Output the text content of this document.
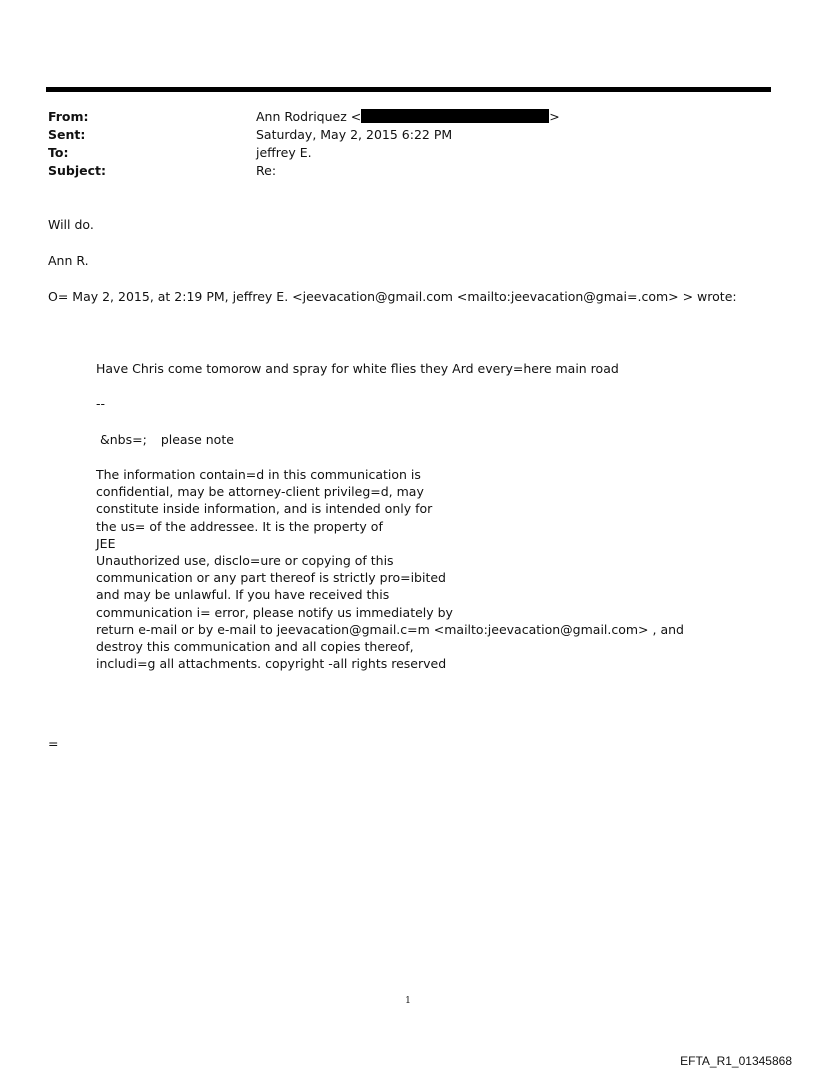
From:	Ann Rodriquez <	>
Sent:	Saturday, May 2, 2015 6:22 PM
To:	jeffrey E.
Subject:	Re:
Will do.
Ann R.
O= May 2, 2015, at 2:19 PM, jeffrey E. <jeevacation@gmail.com <mailto:jeevacation@gmai=.com> > wrote:
Have Chris come tomorow and spray for white flies they Ard every=here main road
--
&nbs=; please note
The information contain=d in this communication is
confidential, may be attorney-client privileg=d, may
constitute inside information, and is intended only for
the us= of the addressee. It is the property of
JEE
Unauthorized use, disclo=ure or copying of this
communication or any part thereof is strictly pro=ibited
and may be unlawful. If you have received this
communication i= error, please notify us immediately by
return e-mail or by e-mail to jeevacation@gmail.c=m <mailto:jeevacation@gmail.com> , and
destroy this communication and all copies thereof,
includi=g all attachments. copyright -all rights reserved
=
1
EFTA_R1_01345868
